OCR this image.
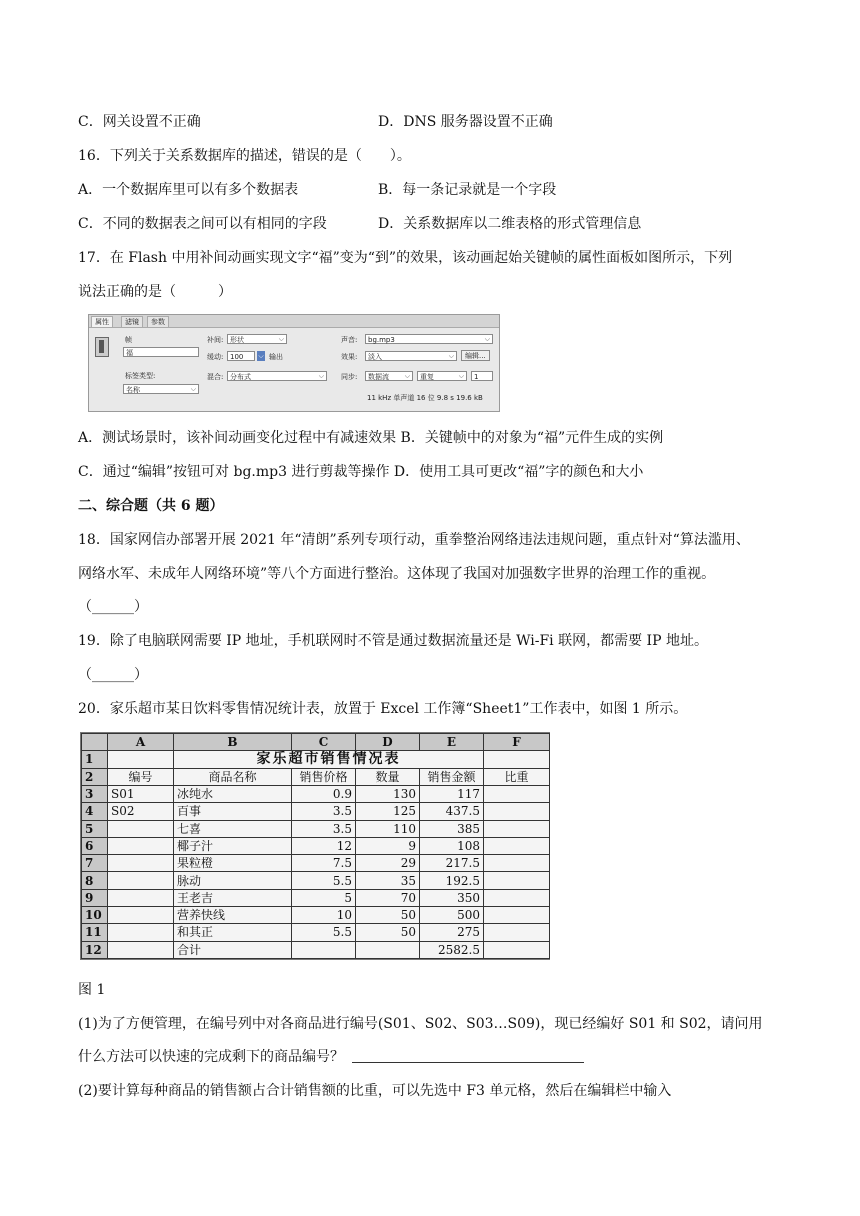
C．网关设置不正确	D．DNS 服务器设置不正确
16．下列关于关系数据库的描述，错误的是（　　）。
A．一个数据库里可以有多个数据表	B．每一条记录就是一个字段
C．不同的数据表之间可以有相同的字段	D．关系数据库以二维表格的形式管理信息
17．在 Flash 中用补间动画实现文字“福”变为“到”的效果，该动画起始关键帧的属性面板如图所示，下列
说法正确的是（　　　）
属性	滤镜	参数
帧
福
标签类型:
名称 ⌵
补间: 形状 ⌵
缓动: 100	⌵ 输出
混合: 分布式 ⌵
声音:	bg.mp3 ⌵
效果:	淡入 ⌵	编辑...
同步:	数据流 ⌵	重复 ⌵	1
11 kHz 单声道 16 位 9.8 s 19.6 kB
A．测试场景时，该补间动画变化过程中有减速效果 B．关键帧中的对象为“福”元件生成的实例
C．通过“编辑”按钮可对 bg.mp3 进行剪裁等操作 D．使用工具可更改“福”字的颜色和大小
二、综合题（共 6 题）
18．国家网信办部署开展 2021 年“清朗”系列专项行动，重拳整治网络违法违规问题，重点针对“算法滥用、
网络水军、未成年人网络环境”等八个方面进行整治。这体现了我国对加强数字世界的治理工作的重视。
（______）
19．除了电脑联网需要 IP 地址，手机联网时不管是通过数据流量还是 Wi-Fi 联网，都需要 IP 地址。
（______）
20．家乐超市某日饮料零售情况统计表，放置于 Excel 工作簿“Sheet1”工作表中，如图 1 所示。
	A	B	C	D	E	F
1		家乐超市销售情况表				
2	编号	商品名称	销售价格	数量	销售金额	比重
3	S01	冰纯水	0.9	130	117	
4	S02	百事	3.5	125	437.5	
5		七喜	3.5	110	385	
6		椰子汁	12	9	108	
7		果粒橙	7.5	29	217.5	
8		脉动	5.5	35	192.5	
9		王老吉	5	70	350	
10		营养快线	10	50	500	
11		和其正	5.5	50	275	
12		合计			2582.5	
图 1
(1)为了方便管理，在编号列中对各商品进行编号(S01、S02、S03…S09)，现已经编好 S01 和 S02，请问用
什么方法可以快速的完成剩下的商品编号？
(2)要计算每种商品的销售额占合计销售额的比重，可以先选中 F3 单元格，然后在编辑栏中输入
